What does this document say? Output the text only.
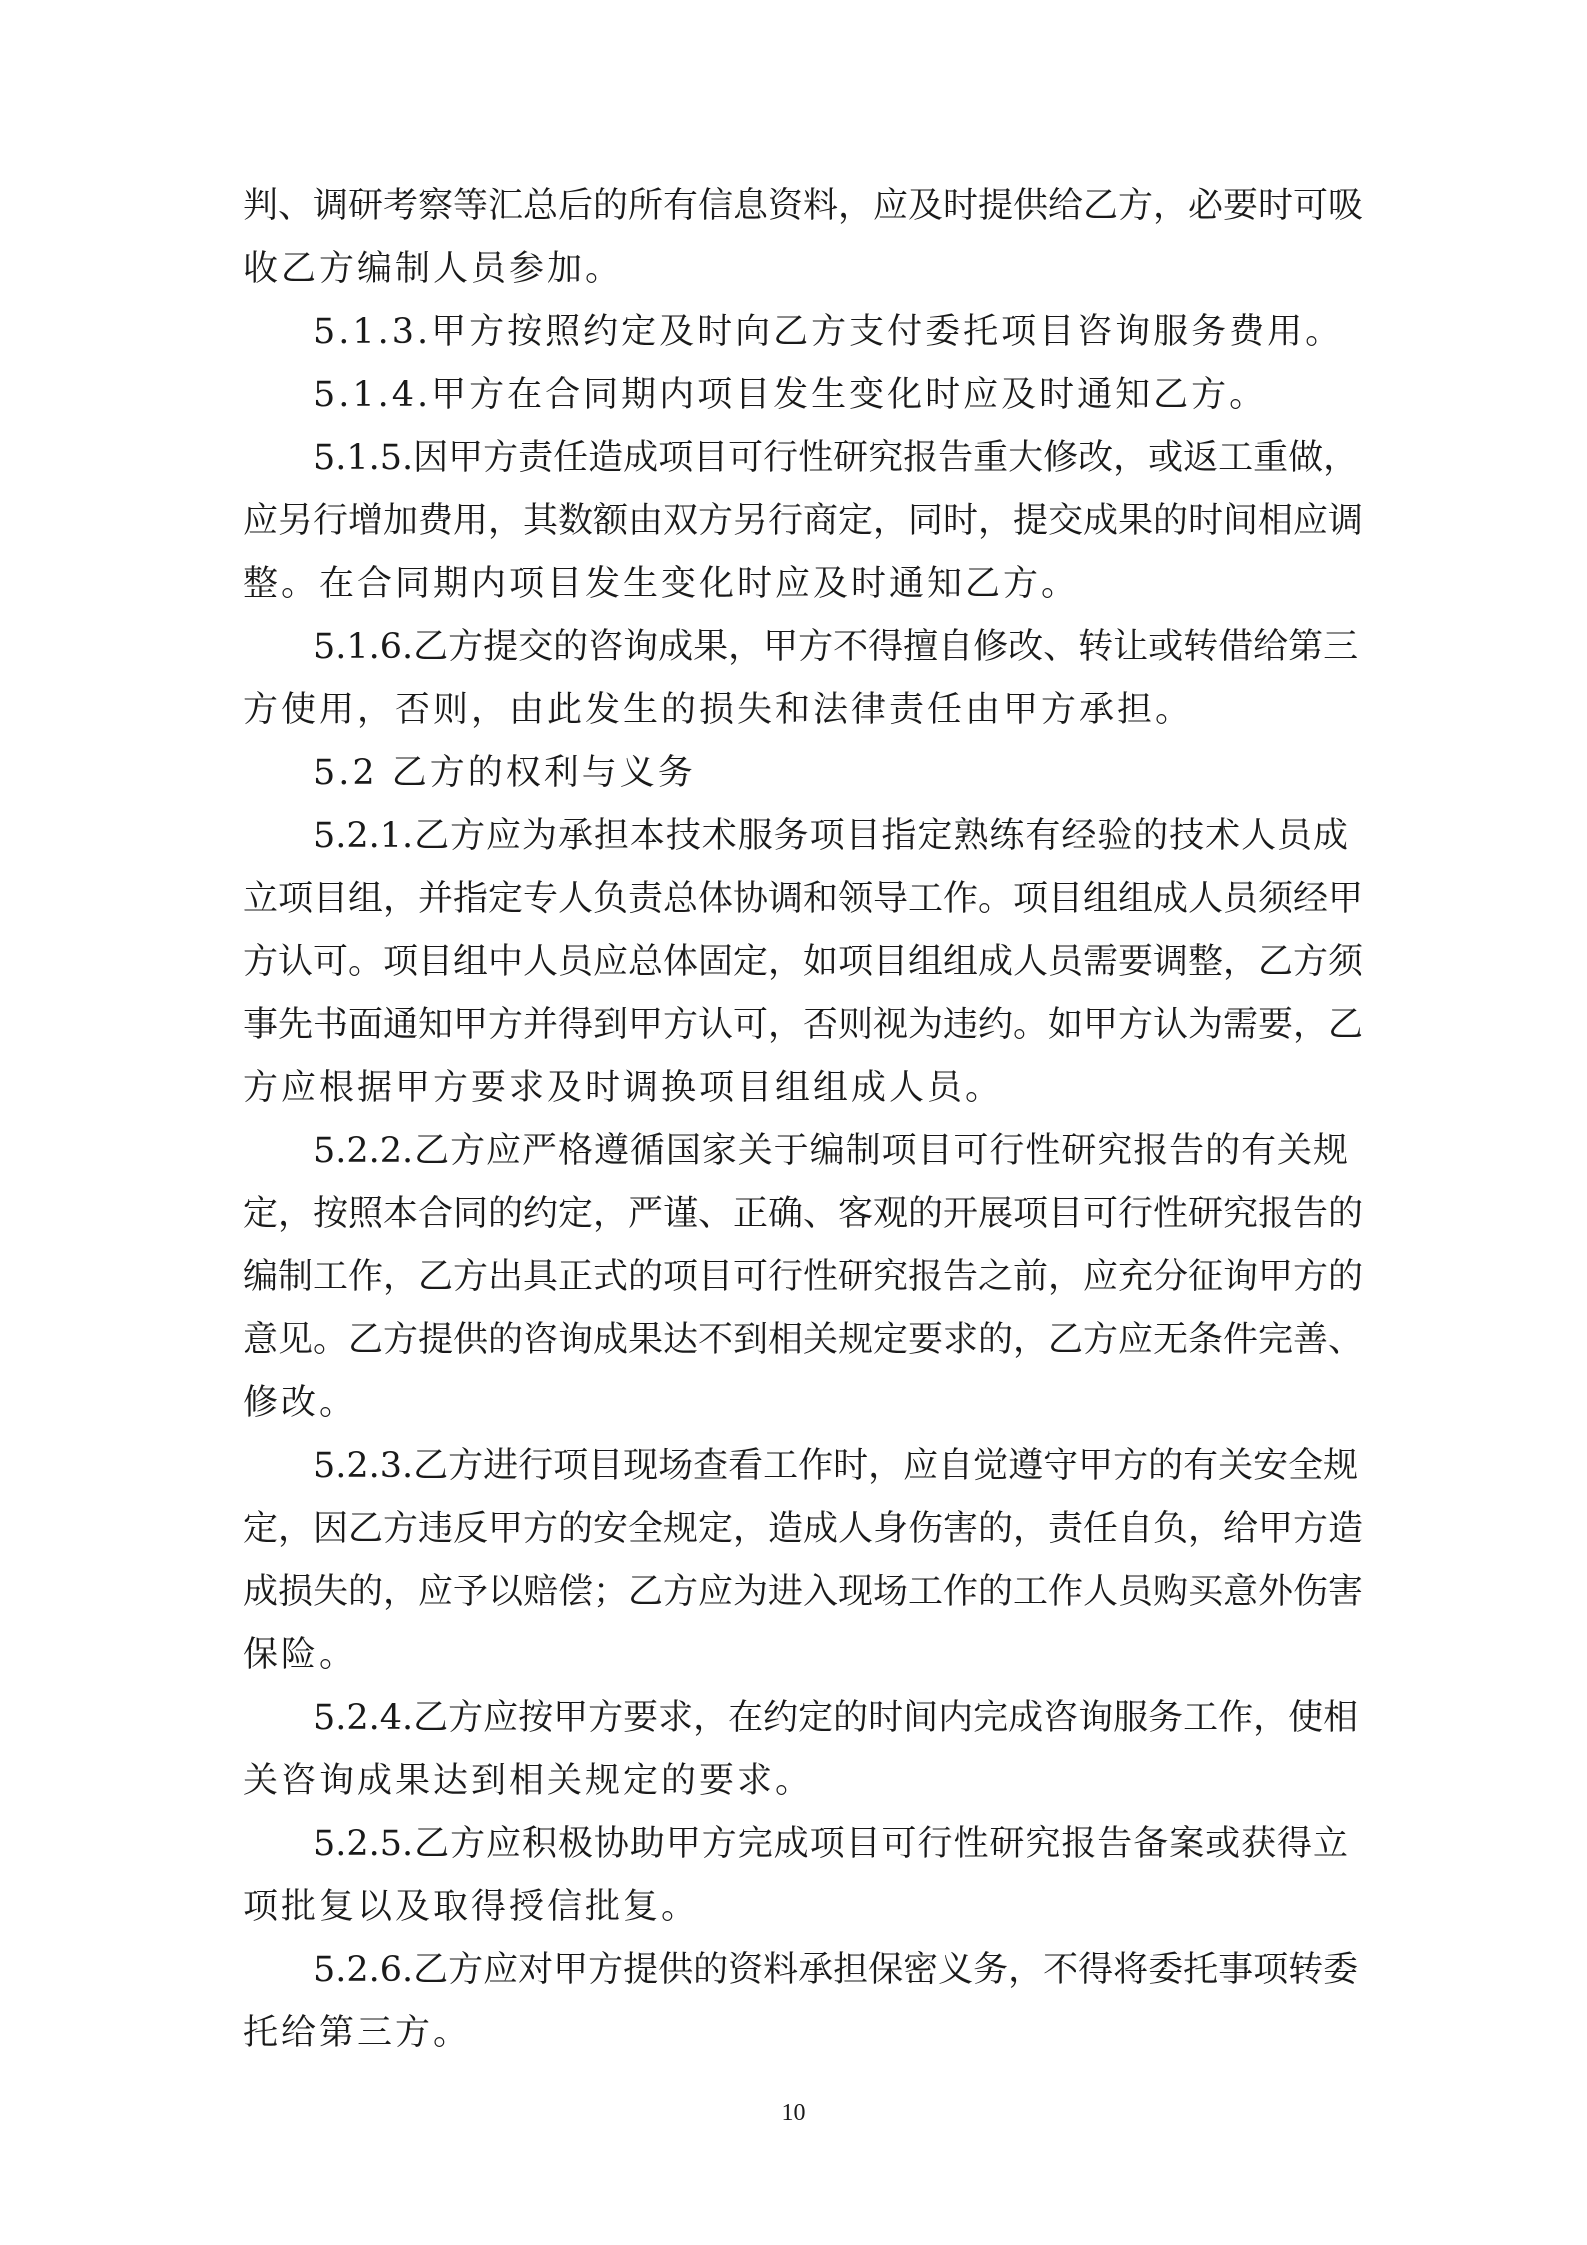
判、调研考察等汇总后的所有信息资料，应及时提供给乙方，必要时可吸
收乙方编制人员参加。
5.1.3.甲方按照约定及时向乙方支付委托项目咨询服务费用。
5.1.4.甲方在合同期内项目发生变化时应及时通知乙方。
5.1.5.因甲方责任造成项目可行性研究报告重大修改，或返工重做，
应另行增加费用，其数额由双方另行商定，同时，提交成果的时间相应调
整。在合同期内项目发生变化时应及时通知乙方。
5.1.6.乙方提交的咨询成果，甲方不得擅自修改、转让或转借给第三
方使用，否则，由此发生的损失和法律责任由甲方承担。
5.2 乙方的权利与义务
5.2.1.乙方应为承担本技术服务项目指定熟练有经验的技术人员成
立项目组，并指定专人负责总体协调和领导工作。项目组组成人员须经甲
方认可。项目组中人员应总体固定，如项目组组成人员需要调整，乙方须
事先书面通知甲方并得到甲方认可，否则视为违约。如甲方认为需要，乙
方应根据甲方要求及时调换项目组组成人员。
5.2.2.乙方应严格遵循国家关于编制项目可行性研究报告的有关规
定，按照本合同的约定，严谨、正确、客观的开展项目可行性研究报告的
编制工作，乙方出具正式的项目可行性研究报告之前，应充分征询甲方的
意见。乙方提供的咨询成果达不到相关规定要求的，乙方应无条件完善、
修改。
5.2.3.乙方进行项目现场查看工作时，应自觉遵守甲方的有关安全规
定，因乙方违反甲方的安全规定，造成人身伤害的，责任自负，给甲方造
成损失的，应予以赔偿；乙方应为进入现场工作的工作人员购买意外伤害
保险。
5.2.4.乙方应按甲方要求，在约定的时间内完成咨询服务工作，使相
关咨询成果达到相关规定的要求。
5.2.5.乙方应积极协助甲方完成项目可行性研究报告备案或获得立
项批复以及取得授信批复。
5.2.6.乙方应对甲方提供的资料承担保密义务，不得将委托事项转委
托给第三方。
10
